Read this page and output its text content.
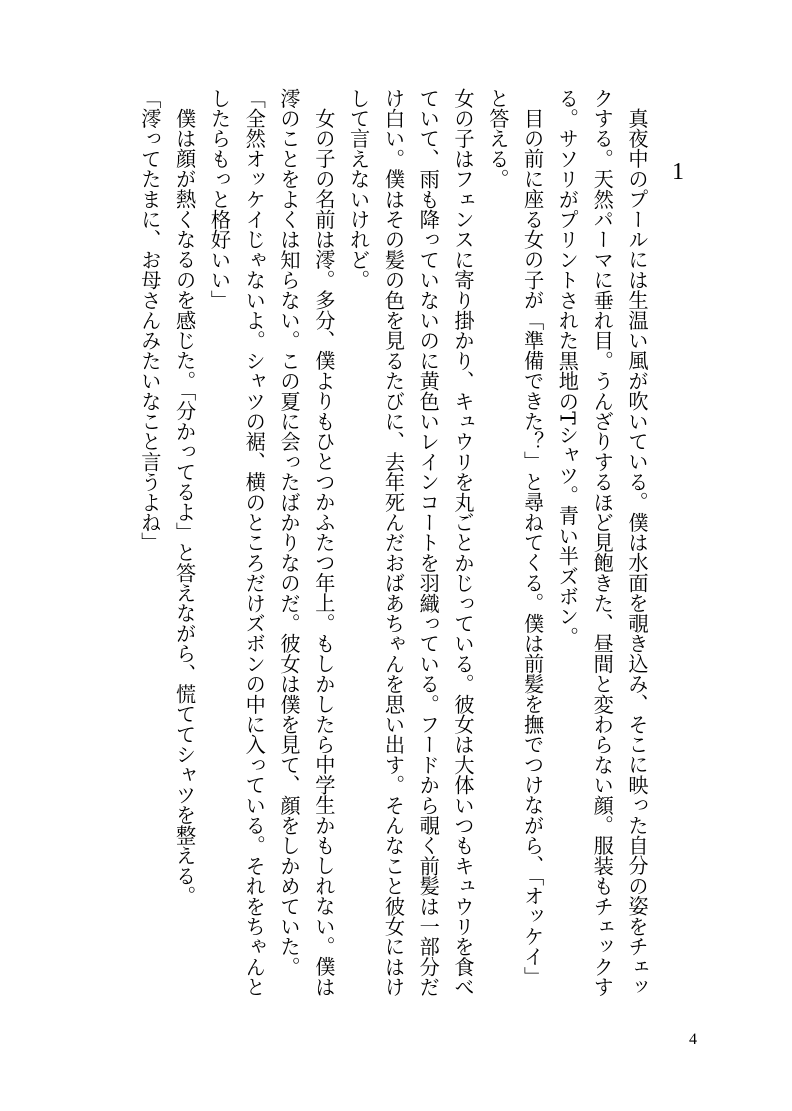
1

真夜中のプールには生温い風が吹いている。僕は水面を覗き込み、そこに映った自分の姿をチェックする。天然パーマに垂れ目。うんざりするほど見飽きた、昼間と変わらない顔。服装もチェックする。サソリがプリントされた黒地のTシャツ。青い半ズボン。

目の前に座る女の子が「準備できた？」と尋ねてくる。僕は前髪を撫でつけながら、「オッケイ」と答える。

女の子はフェンスに寄り掛かり、キュウリを丸ごとかじっている。彼女は大体いつもキュウリを食べていて、雨も降っていないのに黄色いレインコートを羽織っている。フードから覗く前髪は一部分だけ白い。僕はその髪の色を見るたびに、去年死んだおばあちゃんを思い出す。そんなこと彼女にはけして言えないけれど。

女の子の名前は澪。多分、僕よりもひとつかふたつ年上。もしかしたら中学生かもしれない。僕は澪のことをよくは知らない。この夏に会ったばかりなのだ。彼女は僕を見て、顔をしかめていた。

「全然オッケイじゃないよ。シャツの裾、横のところだけズボンの中に入っている。それをちゃんとしたらもっと格好いい」

僕は顔が熱くなるのを感じた。「分かってるよ」と答えながら、慌ててシャツを整える。

「澪ってたまに、お母さんみたいなこと言うよね」

4
